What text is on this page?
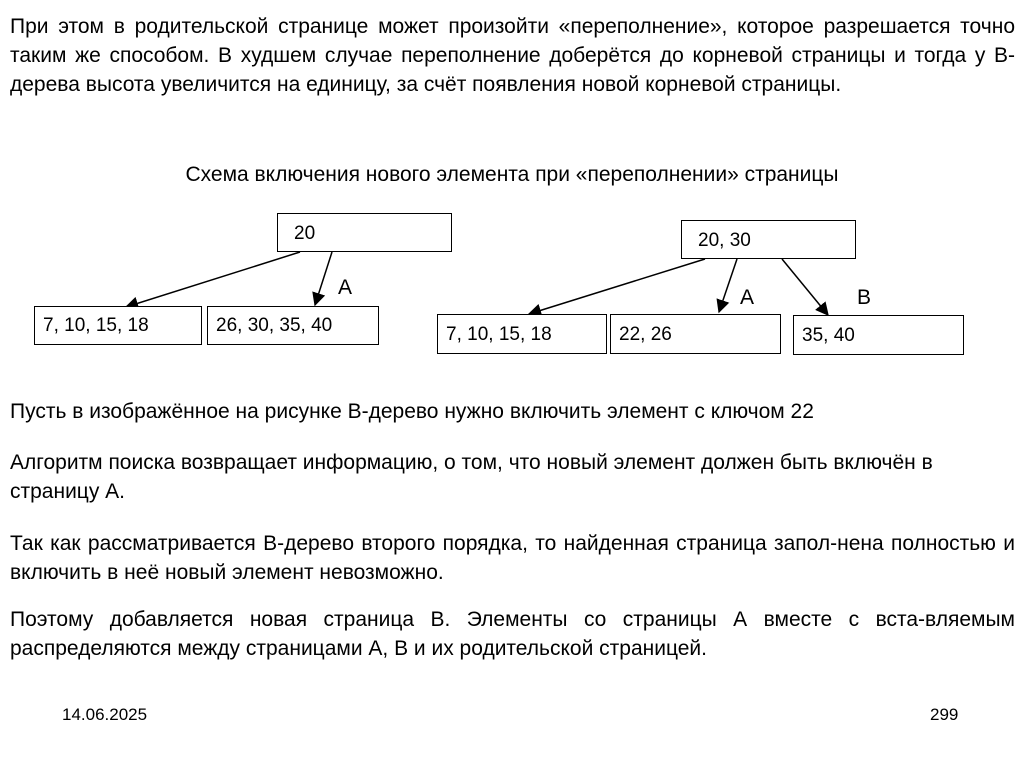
При этом в родительской странице может произойти «переполнение», которое разрешается точно таким же способом. В худшем случае переполнение доберётся до корневой страницы и тогда у В-дерева высота увеличится на единицу, за счёт появления новой корневой страницы.

Схема включения нового элемента при «переполнении» страницы

20
7, 10, 15, 18	26, 30, 35, 40
A
20, 30
7, 10, 15, 18	22, 26	35, 40
A	B

Пусть в изображённое на рисунке В-дерево нужно включить элемент с ключом 22

Алгоритм поиска возвращает информацию, о том, что новый элемент должен быть включён в страницу А.

Так как рассматривается В-дерево второго порядка, то найденная страница запол-нена полностью и включить в неё новый элемент невозможно.

Поэтому добавляется новая страница В. Элементы со страницы А вместе с вста-вляемым распределяются между страницами А, В и их родительской страницей.

14.06.2025	299
